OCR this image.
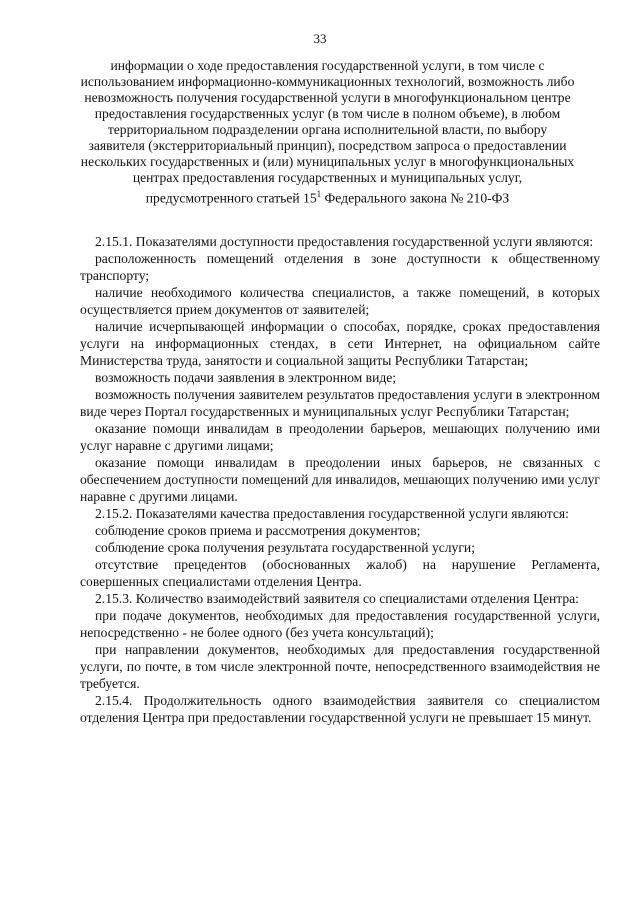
33
информации о ходе предоставления государственной услуги, в том числе с использованием информационно-коммуникационных технологий, возможность либо невозможность получения государственной услуги в многофункциональном центре предоставления государственных услуг (в том числе в полном объеме), в любом территориальном подразделении органа исполнительной власти, по выбору заявителя (экстерриториальный принцип), посредством запроса о предоставлении нескольких государственных и (или) муниципальных услуг в многофункциональных центрах предоставления государственных и муниципальных услуг, предусмотренного статьей $15^1$ Федерального закона № 210-ФЗ

2.15.1. Показателями доступности предоставления государственной услуги являются:

расположенность помещений отделения в зоне доступности к общественному транспорту;

наличие необходимого количества специалистов, а также помещений, в которых осуществляется прием документов от заявителей;

наличие исчерпывающей информации о способах, порядке, сроках предоставления услуги на информационных стендах, в сети Интернет, на официальном сайте Министерства труда, занятости и социальной защиты Республики Татарстан;

возможность подачи заявления в электронном виде;

возможность получения заявителем результатов предоставления услуги в электронном виде через Портал государственных и муниципальных услуг Республики Татарстан;

оказание помощи инвалидам в преодолении барьеров, мешающих получению ими услуг наравне с другими лицами;

оказание помощи инвалидам в преодолении иных барьеров, не связанных с обеспечением доступности помещений для инвалидов, мешающих получению ими услуг наравне с другими лицами.

2.15.2. Показателями качества предоставления государственной услуги являются:

соблюдение сроков приема и рассмотрения документов;

соблюдение срока получения результата государственной услуги;

отсутствие прецедентов (обоснованных жалоб) на нарушение Регламента, совершенных специалистами отделения Центра.

2.15.3. Количество взаимодействий заявителя со специалистами отделения Центра:

при подаче документов, необходимых для предоставления государственной услуги, непосредственно - не более одного (без учета консультаций);

при направлении документов, необходимых для предоставления государственной услуги, по почте, в том числе электронной почте, непосредственного взаимодействия не требуется.

2.15.4. Продолжительность одного взаимодействия заявителя со специалистом отделения Центра при предоставлении государственной услуги не превышает 15 минут.
